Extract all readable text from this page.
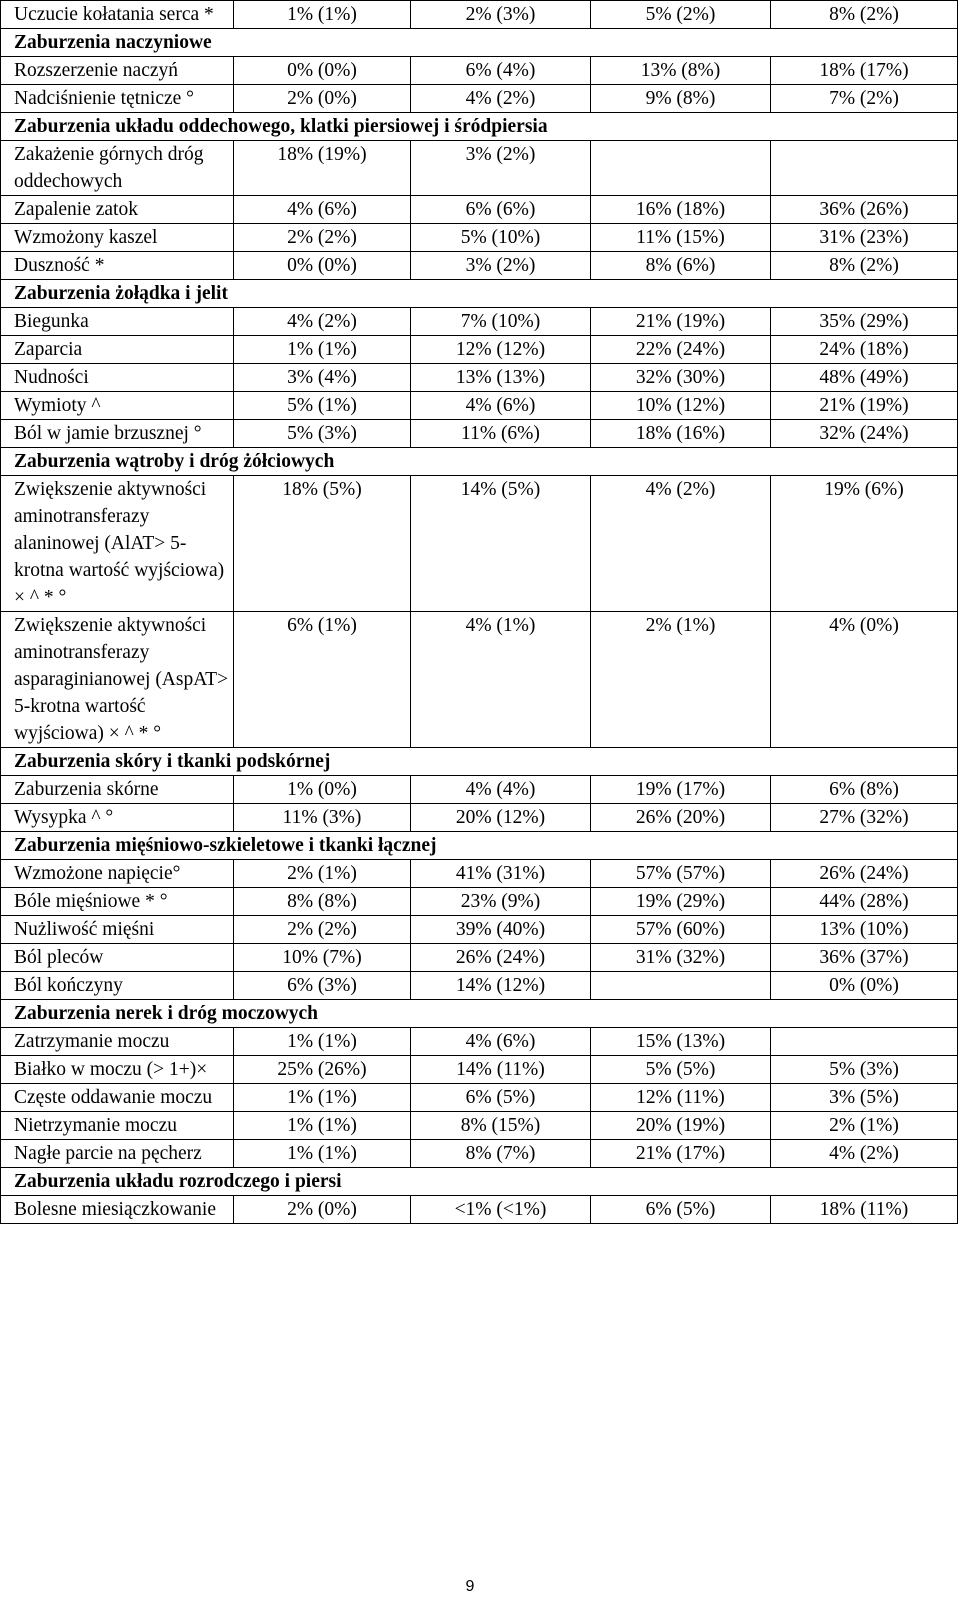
Uczucie kołatania serca *	1% (1%)	2% (3%)	5% (2%)	8% (2%)
Zaburzenia naczyniowe				
Rozszerzenie naczyń	0% (0%)	6% (4%)	13% (8%)	18% (17%)
Nadciśnienie tętnicze °	2% (0%)	4% (2%)	9% (8%)	7% (2%)
Zaburzenia układu oddechowego, klatki piersiowej i śródpiersia				
Zakażenie górnych dróg oddechowych	18% (19%)	3% (2%)		
Zapalenie zatok	4% (6%)	6% (6%)	16% (18%)	36% (26%)
Wzmożony kaszel	2% (2%)	5% (10%)	11% (15%)	31% (23%)
Duszność *	0% (0%)	3% (2%)	8% (6%)	8% (2%)
Zaburzenia żołądka i jelit				
Biegunka	4% (2%)	7% (10%)	21% (19%)	35% (29%)
Zaparcia	1% (1%)	12% (12%)	22% (24%)	24% (18%)
Nudności	3% (4%)	13% (13%)	32% (30%)	48% (49%)
Wymioty ^	5% (1%)	4% (6%)	10% (12%)	21% (19%)
Ból w jamie brzusznej °	5% (3%)	11% (6%)	18% (16%)	32% (24%)
Zaburzenia wątroby i dróg żółciowych				
Zwiększenie aktywności aminotransferazy alaninowej (AlAT> 5-krotna wartość wyjściowa) × ^ * °	18% (5%)	14% (5%)	4% (2%)	19% (6%)
Zwiększenie aktywności aminotransferazy asparaginianowej (AspAT> 5-krotna wartość wyjściowa) × ^ * °	6% (1%)	4% (1%)	2% (1%)	4% (0%)
Zaburzenia skóry i tkanki podskórnej				
Zaburzenia skórne	1% (0%)	4% (4%)	19% (17%)	6% (8%)
Wysypka ^ °	11% (3%)	20% (12%)	26% (20%)	27% (32%)
Zaburzenia mięśniowo-szkieletowe i tkanki łącznej				
Wzmożone napięcie°	2% (1%)	41% (31%)	57% (57%)	26% (24%)
Bóle mięśniowe * °	8% (8%)	23% (9%)	19% (29%)	44% (28%)
Nużliwość mięśni	2% (2%)	39% (40%)	57% (60%)	13% (10%)
Ból pleców	10% (7%)	26% (24%)	31% (32%)	36% (37%)
Ból kończyny	6% (3%)	14% (12%)		0% (0%)
Zaburzenia nerek i dróg moczowych				
Zatrzymanie moczu	1% (1%)	4% (6%)	15% (13%)	
Białko w moczu (> 1+)×	25% (26%)	14% (11%)	5% (5%)	5% (3%)
Częste oddawanie moczu	1% (1%)	6% (5%)	12% (11%)	3% (5%)
Nietrzymanie moczu	1% (1%)	8% (15%)	20% (19%)	2% (1%)
Nagłe parcie na pęcherz	1% (1%)	8% (7%)	21% (17%)	4% (2%)
Zaburzenia układu rozrodczego i piersi				
Bolesne miesiączkowanie	2% (0%)	<1% (<1%)	6% (5%)	18% (11%)
9
